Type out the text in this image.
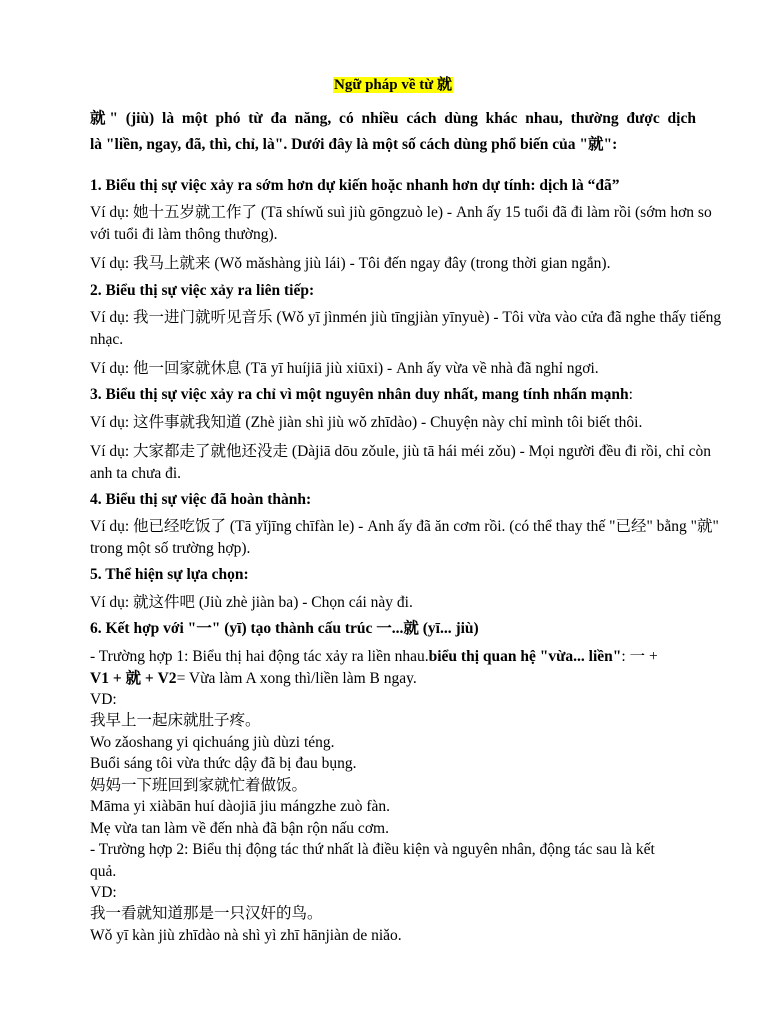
Ngữ pháp về từ 就
就" (jiù) là một phó từ đa năng, có nhiều cách dùng khác nhau, thường được dịch
là "liền, ngay, đã, thì, chỉ, là". Dưới đây là một số cách dùng phổ biến của "就":
1. Biểu thị sự việc xảy ra sớm hơn dự kiến hoặc nhanh hơn dự tính: dịch là “đã”
Ví dụ: 她十五岁就工作了 (Tā shíwǔ suì jiù gōngzuò le) - Anh ấy 15 tuổi đã đi làm rồi (sớm hơn so
với tuổi đi làm thông thường).
Ví dụ: 我马上就来 (Wǒ mǎshàng jiù lái) - Tôi đến ngay đây (trong thời gian ngắn).
2. Biểu thị sự việc xảy ra liên tiếp:
Ví dụ: 我一进门就听见音乐 (Wǒ yī jìnmén jiù tīngjiàn yīnyuè) - Tôi vừa vào cửa đã nghe thấy tiếng
nhạc.
Ví dụ: 他一回家就休息 (Tā yī huíjiā jiù xiūxi) - Anh ấy vừa về nhà đã nghỉ ngơi.
3. Biểu thị sự việc xảy ra chỉ vì một nguyên nhân duy nhất, mang tính nhấn mạnh:
Ví dụ: 这件事就我知道 (Zhè jiàn shì jiù wǒ zhīdào) - Chuyện này chỉ mình tôi biết thôi.
Ví dụ: 大家都走了就他还没走 (Dàjiā dōu zǒule, jiù tā hái méi zǒu) - Mọi người đều đi rồi, chỉ còn
anh ta chưa đi.
4. Biểu thị sự việc đã hoàn thành:
Ví dụ: 他已经吃饭了 (Tā yǐjīng chīfàn le) - Anh ấy đã ăn cơm rồi. (có thể thay thế "已经" bằng "就"
trong một số trường hợp).
5. Thể hiện sự lựa chọn:
Ví dụ: 就这件吧 (Jiù zhè jiàn ba) - Chọn cái này đi.
6. Kết hợp với "一" (yī) tạo thành cấu trúc 一...就 (yī... jiù)
- Trường hợp 1: Biểu thị hai động tác xảy ra liền nhau.biểu thị quan hệ "vừa... liền": 一 +
V1 + 就 + V2= Vừa làm A xong thì/liền làm B ngay.
VD:
我早上一起床就肚子疼。
Wo zǎoshang yi qichuáng jiù dùzi téng.
Buổi sáng tôi vừa thức dậy đã bị đau bụng.
妈妈一下班回到家就忙着做饭。
Māma yi xiàbān huí dàojiā jiu mángzhe zuò fàn.
Mẹ vừa tan làm về đến nhà đã bận rộn nấu cơm.
- Trường hợp 2: Biểu thị động tác thứ nhất là điều kiện và nguyên nhân, động tác sau là kết
quả.
VD:
我一看就知道那是一只汉奸的鸟。
Wǒ yī kàn jiù zhīdào nà shì yì zhī hānjiàn de niǎo.
